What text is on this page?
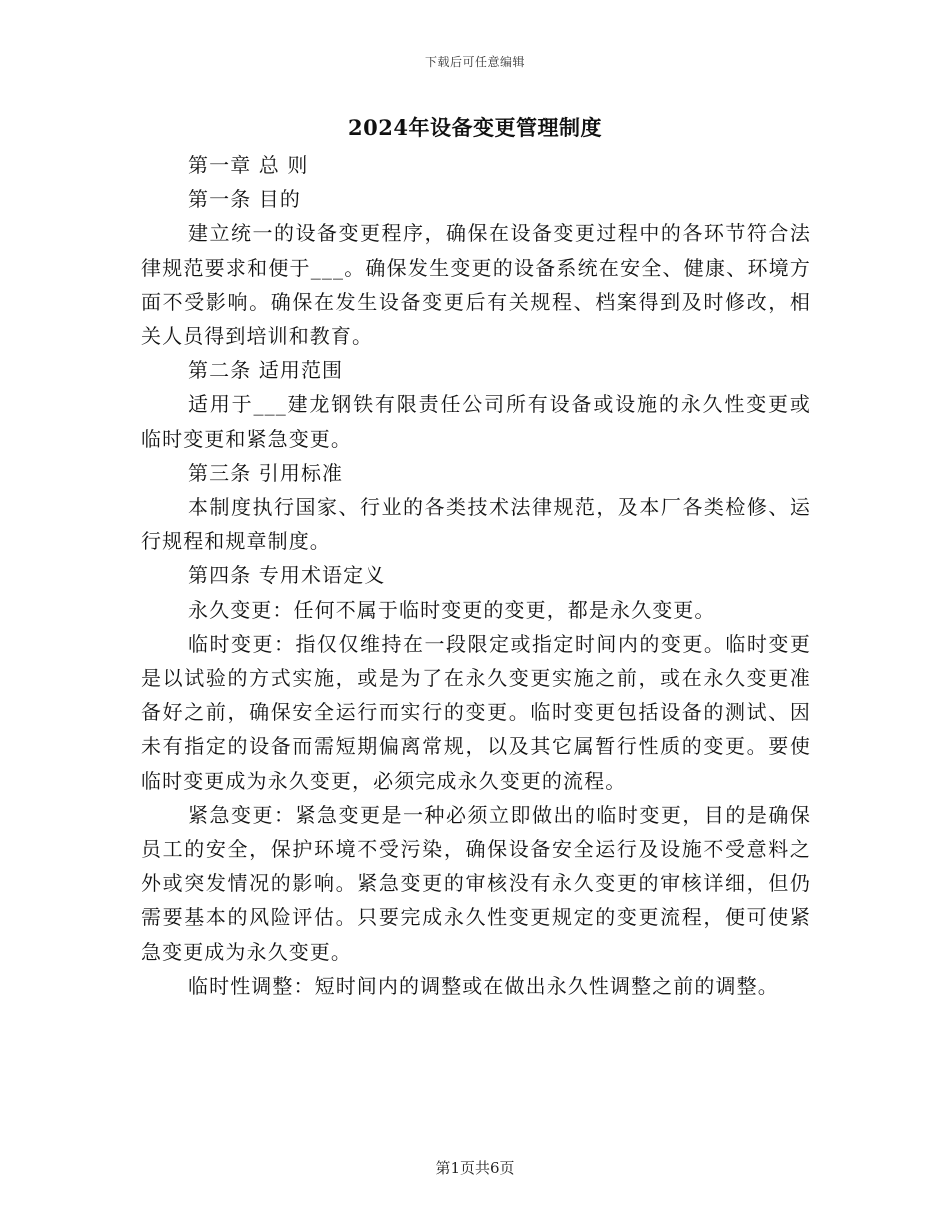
下载后可任意编辑
2024年设备变更管理制度

第一章 总 则

第一条 目的

建立统一的设备变更程序，确保在设备变更过程中的各环节符合法律规范要求和便于___。确保发生变更的设备系统在安全、健康、环境方面不受影响。确保在发生设备变更后有关规程、档案得到及时修改，相关人员得到培训和教育。

第二条 适用范围

适用于___建龙钢铁有限责任公司所有设备或设施的永久性变更或临时变更和紧急变更。

第三条 引用标准

本制度执行国家、行业的各类技术法律规范，及本厂各类检修、运行规程和规章制度。

第四条 专用术语定义

永久变更：任何不属于临时变更的变更，都是永久变更。

临时变更：指仅仅维持在一段限定或指定时间内的变更。临时变更是以试验的方式实施，或是为了在永久变更实施之前，或在永久变更准备好之前，确保安全运行而实行的变更。临时变更包括设备的测试、因未有指定的设备而需短期偏离常规，以及其它属暂行性质的变更。要使临时变更成为永久变更，必须完成永久变更的流程。

紧急变更：紧急变更是一种必须立即做出的临时变更，目的是确保员工的安全，保护环境不受污染，确保设备安全运行及设施不受意料之外或突发情况的影响。紧急变更的审核没有永久变更的审核详细，但仍需要基本的风险评估。只要完成永久性变更规定的变更流程，便可使紧急变更成为永久变更。

临时性调整：短时间内的调整或在做出永久性调整之前的调整。

第1页共6页
